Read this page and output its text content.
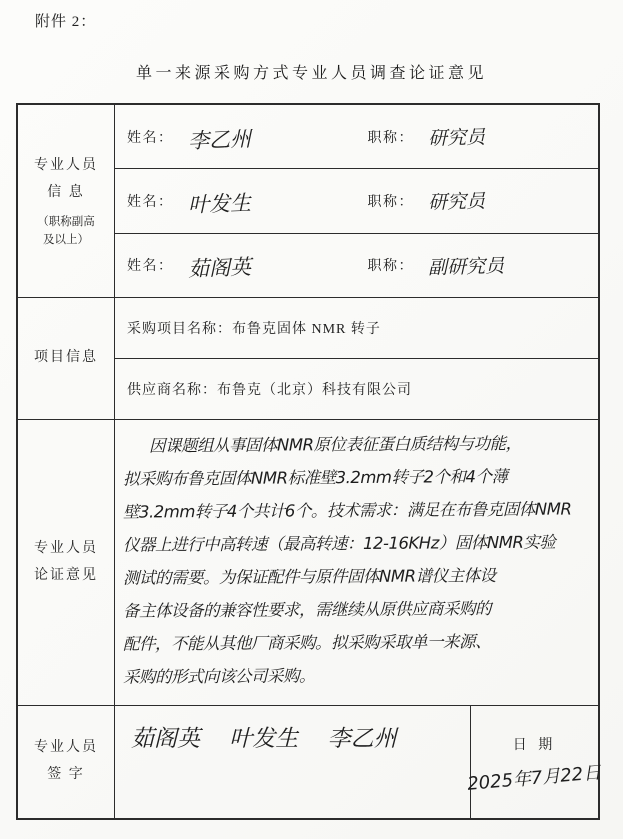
附件 2：
单一来源采购方式专业人员调查论证意见
专业人员
信 息
（职称副高
及以上）
姓名： 李乙州	职称： 研究员
姓名： 叶发生	职称： 研究员
姓名： 茹阁英	职称： 副研究员
项目信息
采购项目名称：布鲁克固体 NMR 转子
供应商名称：布鲁克（北京）科技有限公司
专业人员
论证意见
因课题组从事固体NMR原位表征蛋白质结构与功能，
拟采购布鲁克固体NMR标准壁3.2mm转子2个和4个薄
壁3.2mm转子4个共计6个。技术需求：满足在布鲁克固体NMR
仪器上进行中高转速（最高转速：12-16KHz）固体NMR实验
测试的需要。为保证配件与原件固体NMR谱仪主体设
备主体设备的兼容性要求，需继续从原供应商采购的
配件，不能从其他厂商采购。拟采购采取单一来源、
采购的形式向该公司采购。
专业人员
签 字
茹阁英 叶发生 李乙州	日 期
2025年7月22日
